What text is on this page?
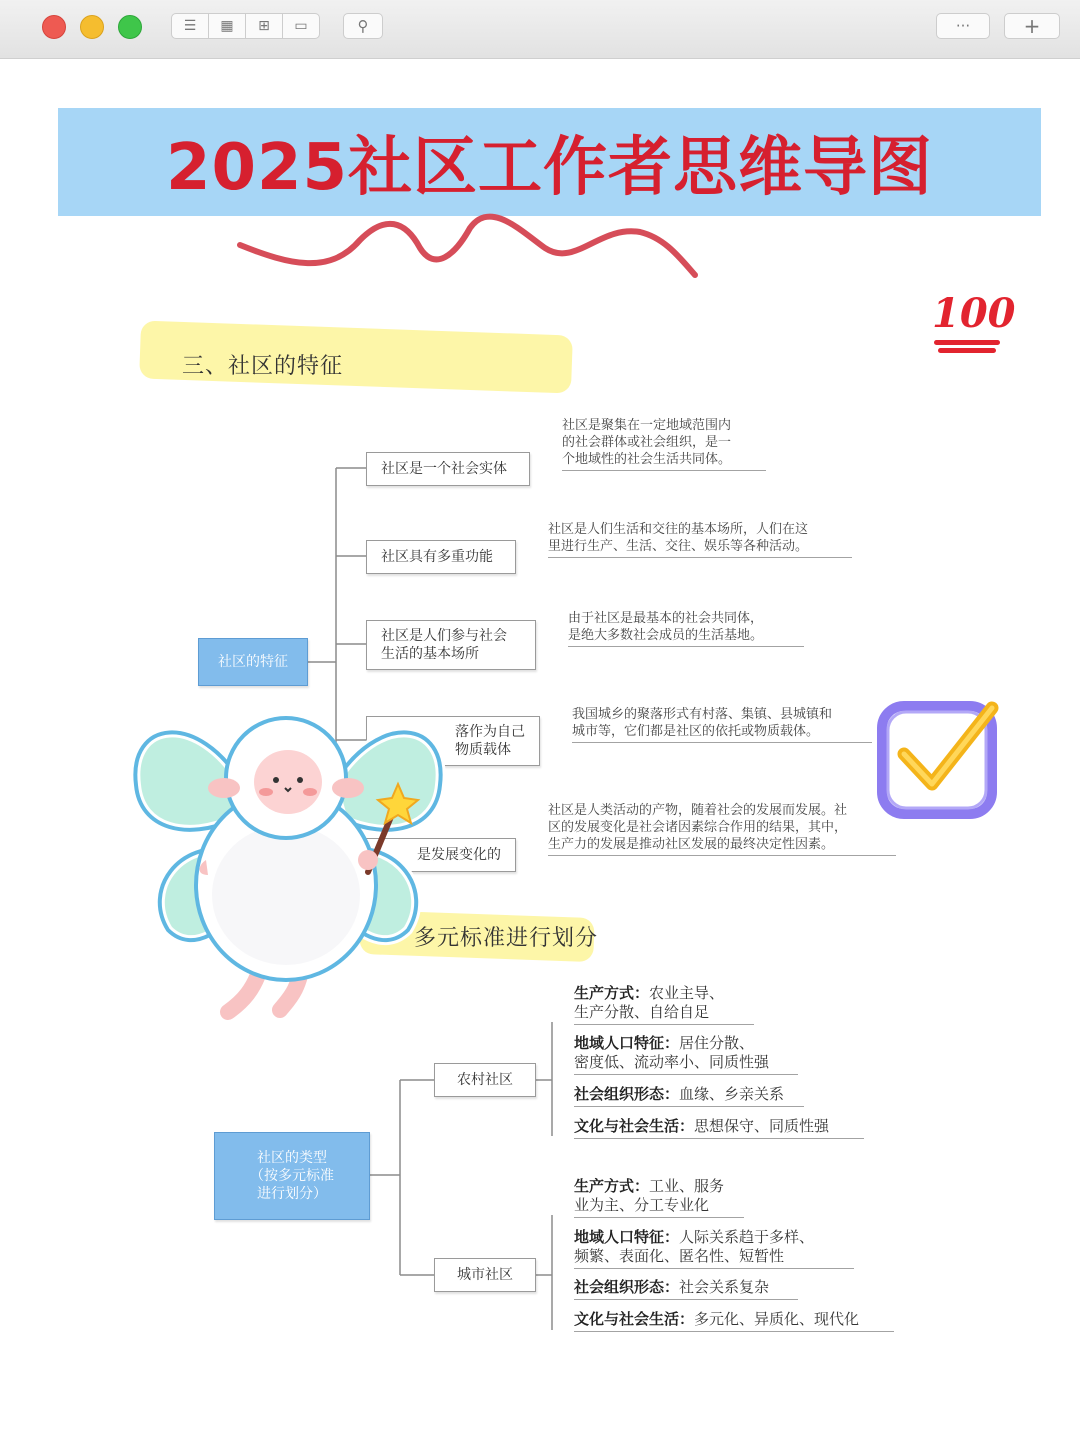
☰	▦	⊞	▭	⚲	···	+
2025社区工作者思维导图
100
三、社区的特征
社区的特征
社区是一个社会实体
社区是聚集在一定地域范围内
的社会群体或社会组织，是一
个地域性的社会生活共同体。
社区具有多重功能
社区是人们生活和交往的基本场所，人们在这
里进行生产、生活、交往、娱乐等各种活动。
社区是人们参与社会
生活的基本场所
由于社区是最基本的社会共同体，
是绝大多数社会成员的生活基地。
落作为自己
物质载体
我国城乡的聚落形式有村落、集镇、县城镇和
城市等，它们都是社区的依托或物质载体。
是发展变化的
社区是人类活动的产物，随着社会的发展而发展。社
区的发展变化是社会诸因素综合作用的结果，其中，
生产力的发展是推动社区发展的最终决定性因素。
多元标准进行划分
社区的类型
（按多元标准
进行划分）
农村社区
城市社区
生产方式：农业主导、
生产分散、自给自足
地域人口特征：居住分散、
密度低、流动率小、同质性强
社会组织形态：血缘、乡亲关系
文化与社会生活：思想保守、同质性强
生产方式：工业、服务
业为主、分工专业化
地域人口特征：人际关系趋于多样、
频繁、表面化、匿名性、短暂性
社会组织形态：社会关系复杂
文化与社会生活：多元化、异质化、现代化
